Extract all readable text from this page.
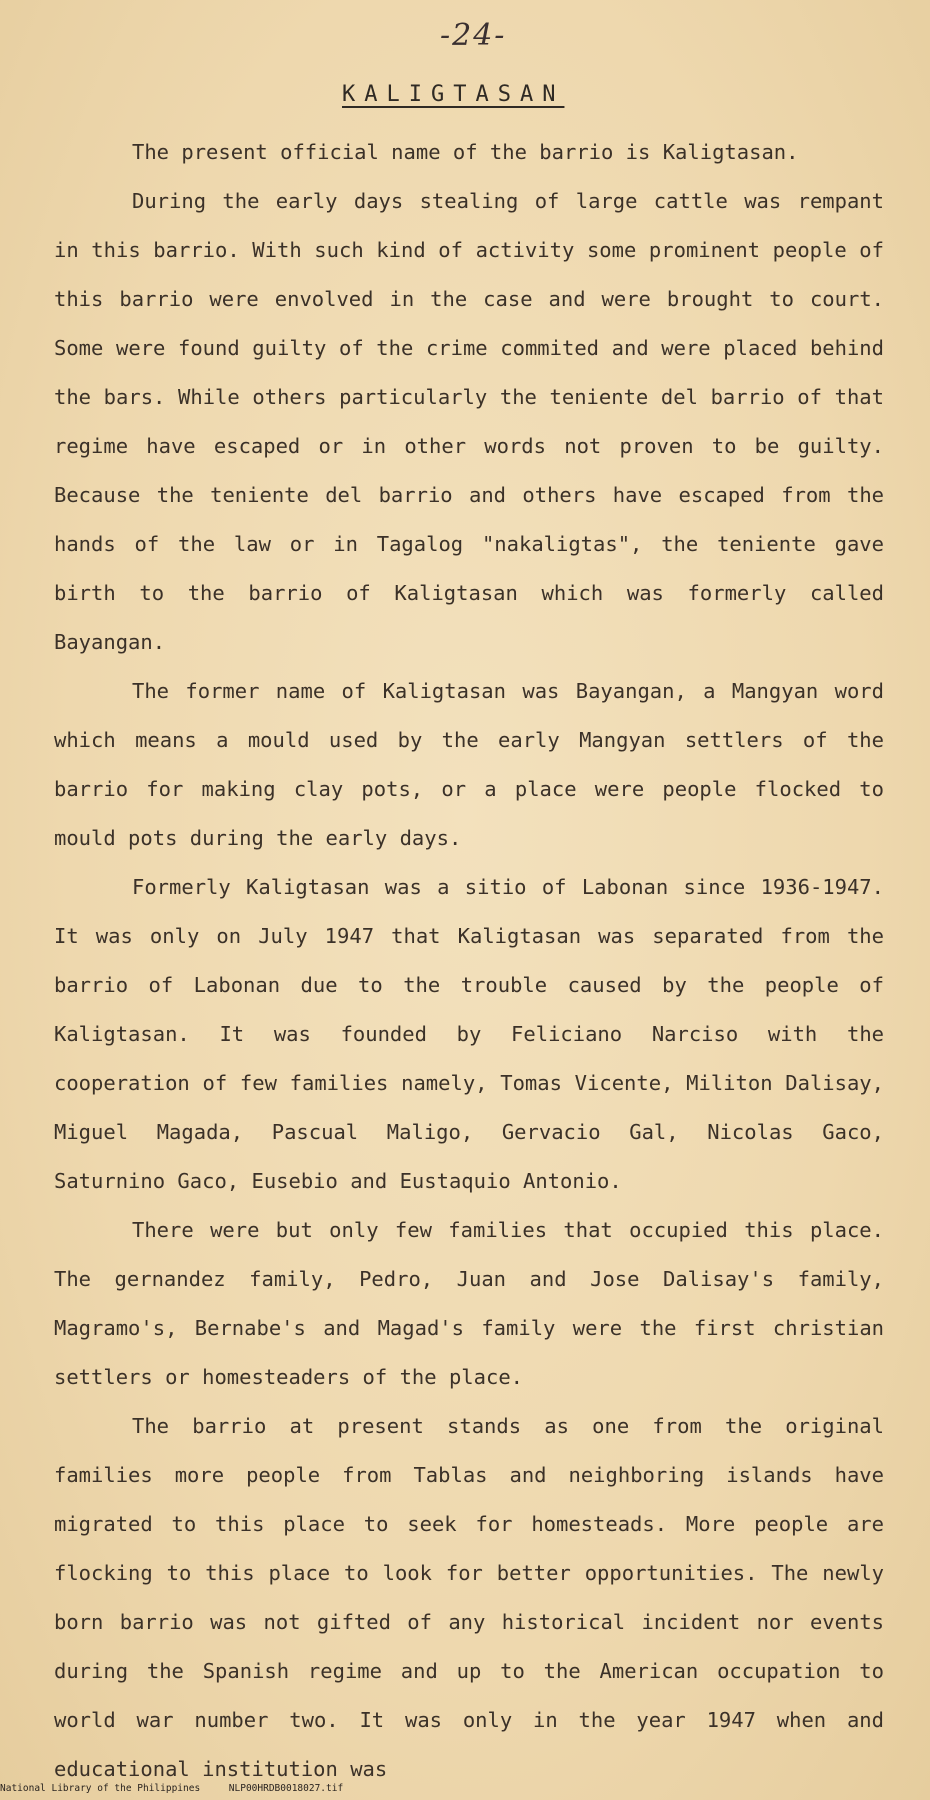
-24-
KALIGTASAN

The present official name of the barrio is Kaligtasan.

During the early days stealing of large cattle was rempant in this barrio. With such kind of activity some prominent people of this barrio were envolved in the case and were brought to court. Some were found guilty of the crime commited and were placed behind the bars. While others particularly the teniente del barrio of that regime have escaped or in other words not proven to be guilty. Because the teniente del barrio and others have escaped from the hands of the law or in Tagalog "nakaligtas", the teniente gave birth to the barrio of Kaligtasan which was formerly called Bayangan.

The former name of Kaligtasan was Bayangan, a Mangyan word which means a mould used by the early Mangyan settlers of the barrio for making clay pots, or a place were people flocked to mould pots during the early days.

Formerly Kaligtasan was a sitio of Labonan since 1936-1947. It was only on July 1947 that Kaligtasan was separated from the barrio of Labonan due to the trouble caused by the people of Kaligtasan. It was founded by Feliciano Narciso with the cooperation of few families namely, Tomas Vicente, Militon Dalisay, Miguel Magada, Pascual Maligo, Gervacio Gal, Nicolas Gaco, Saturnino Gaco, Eusebio and Eustaquio Antonio.

There were but only few families that occupied this place. The gernandez family, Pedro, Juan and Jose Dalisay's family, Magramo's, Bernabe's and Magad's family were the first christian settlers or homesteaders of the place.

The barrio at present stands as one from the original families more people from Tablas and neighboring islands have migrated to this place to seek for homesteads. More people are flocking to this place to look for better opportunities. The newly born barrio was not gifted of any historical incident nor events during the Spanish regime and up to the American occupation to world war number two. It was only in the year 1947 when and educational institution was

National Library of the Philippines	NLP00HRDB0018027.tif
